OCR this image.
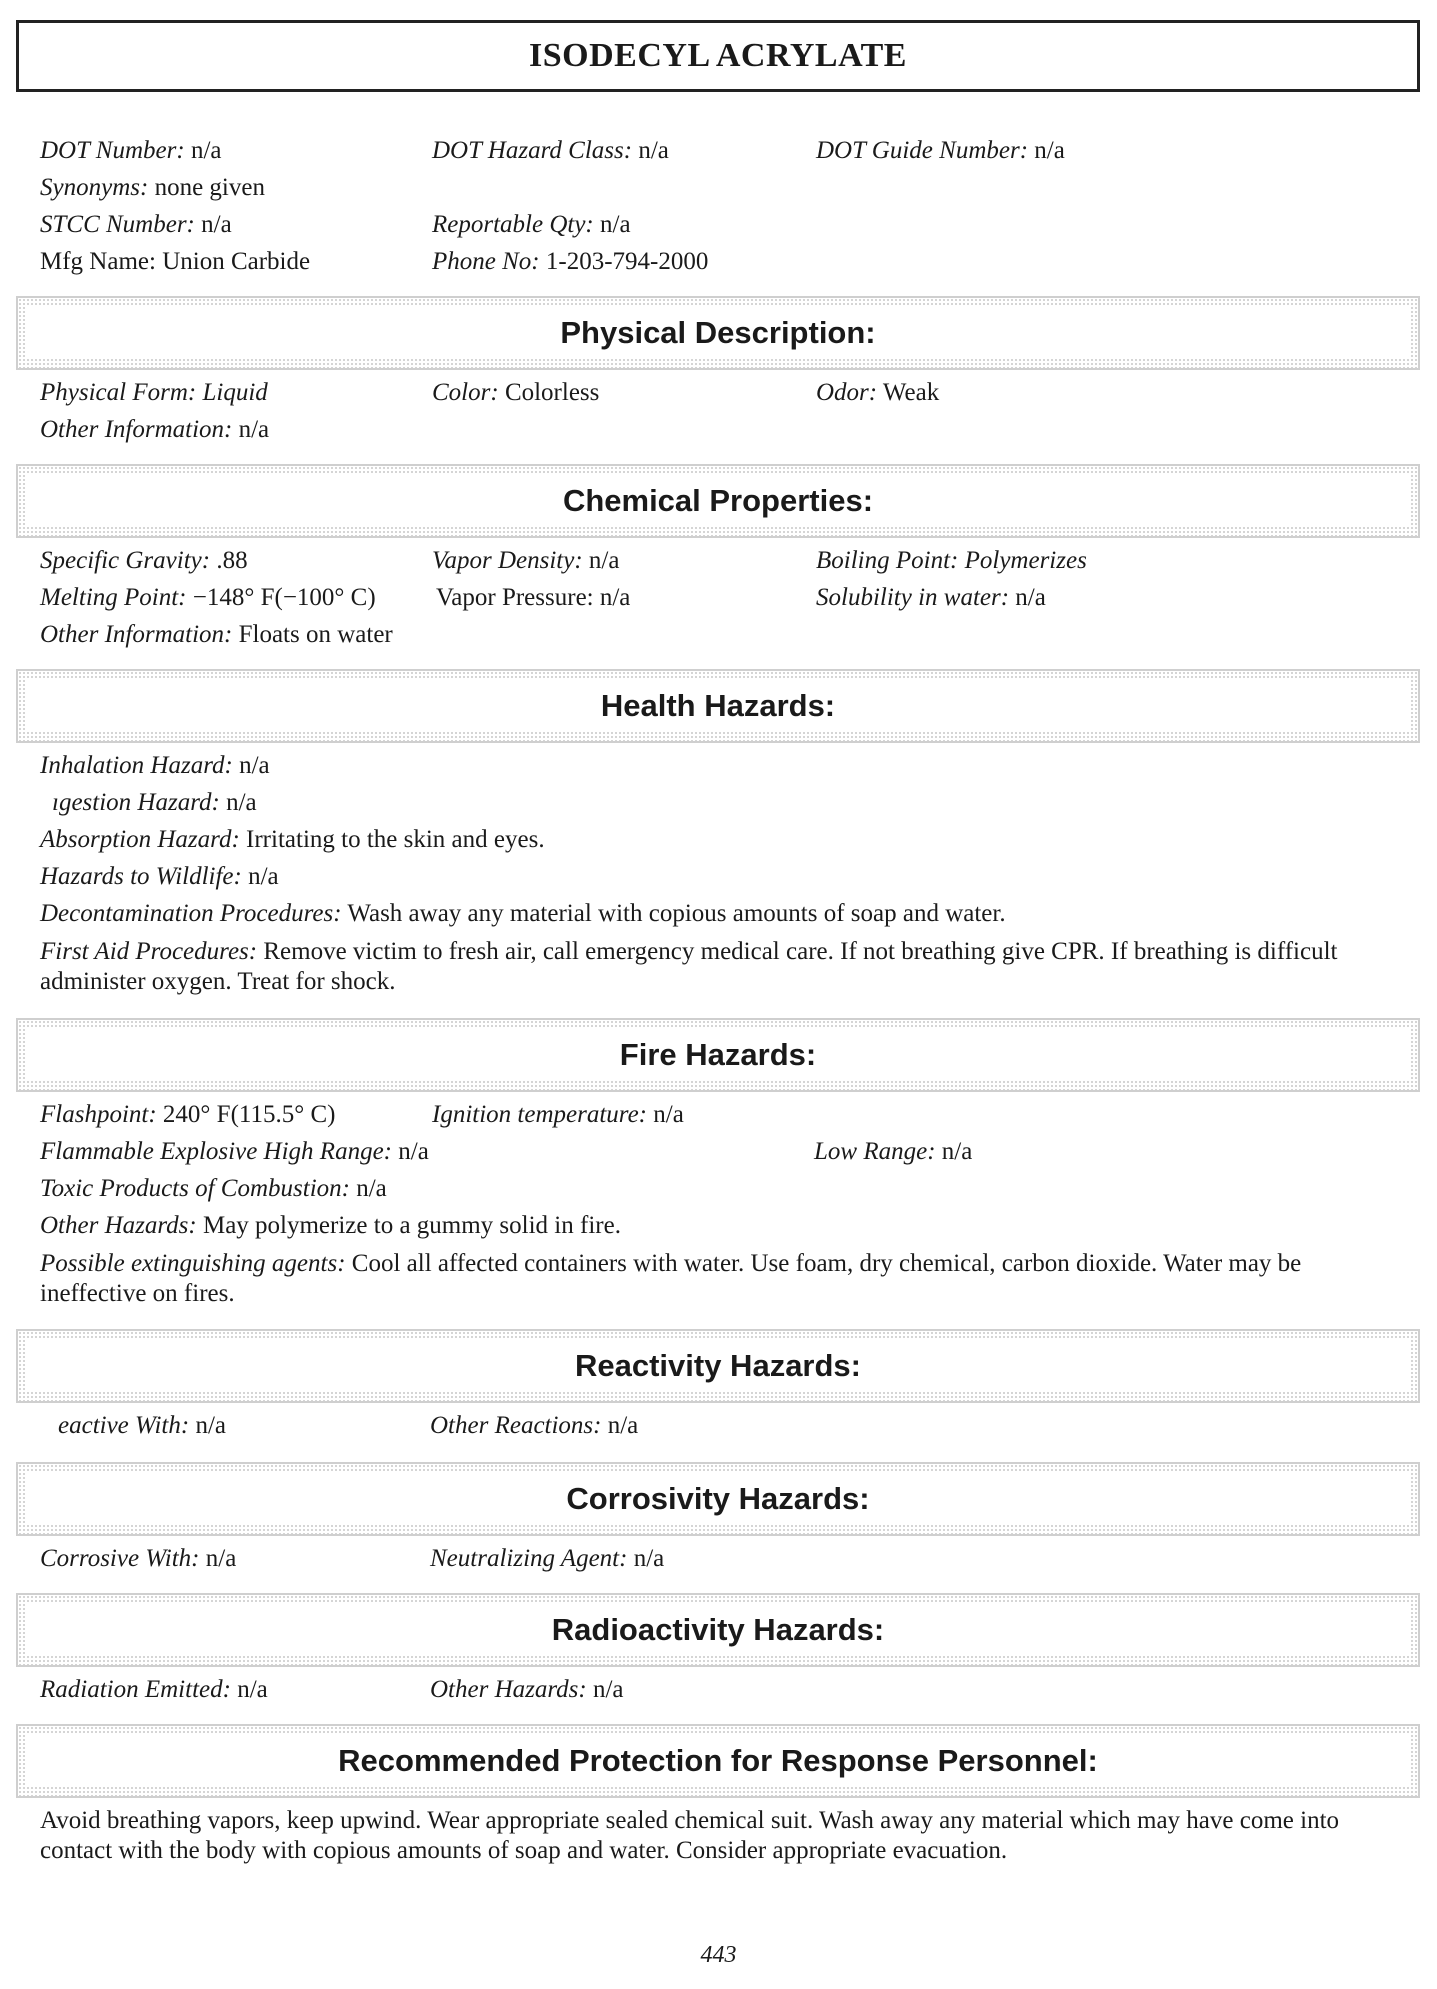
ISODECYL ACRYLATE
DOT Number: n/a	DOT Hazard Class: n/a	DOT Guide Number: n/a
Synonyms: none given
STCC Number: n/a	Reportable Qty: n/a
Mfg Name: Union Carbide	Phone No: 1-203-794-2000
Physical Description:
Physical Form: Liquid	Color: Colorless	Odor: Weak
Other Information: n/a
Chemical Properties:
Specific Gravity: .88	Vapor Density: n/a	Boiling Point: Polymerizes
Melting Point: −148° F(−100° C) Vapor Pressure: n/a	Solubility in water: n/a
Other Information: Floats on water
Health Hazards:
Inhalation Hazard: n/a
ıgestion Hazard: n/a
Absorption Hazard: Irritating to the skin and eyes.
Hazards to Wildlife: n/a
Decontamination Procedures: Wash away any material with copious amounts of soap and water.
First Aid Procedures: Remove victim to fresh air, call emergency medical care. If not breathing give CPR. If breathing is difficult administer oxygen. Treat for shock.
Fire Hazards:
Flashpoint: 240° F(115.5° C)	Ignition temperature: n/a
Flammable Explosive High Range: n/a	Low Range: n/a
Toxic Products of Combustion: n/a
Other Hazards: May polymerize to a gummy solid in fire.
Possible extinguishing agents: Cool all affected containers with water. Use foam, dry chemical, carbon dioxide. Water may be ineffective on fires.
Reactivity Hazards:
eactive With: n/a	Other Reactions: n/a
Corrosivity Hazards:
Corrosive With: n/a	Neutralizing Agent: n/a
Radioactivity Hazards:
Radiation Emitted: n/a	Other Hazards: n/a
Recommended Protection for Response Personnel:
Avoid breathing vapors, keep upwind. Wear appropriate sealed chemical suit. Wash away any material which may have come into contact with the body with copious amounts of soap and water. Consider appropriate evacuation.
443
